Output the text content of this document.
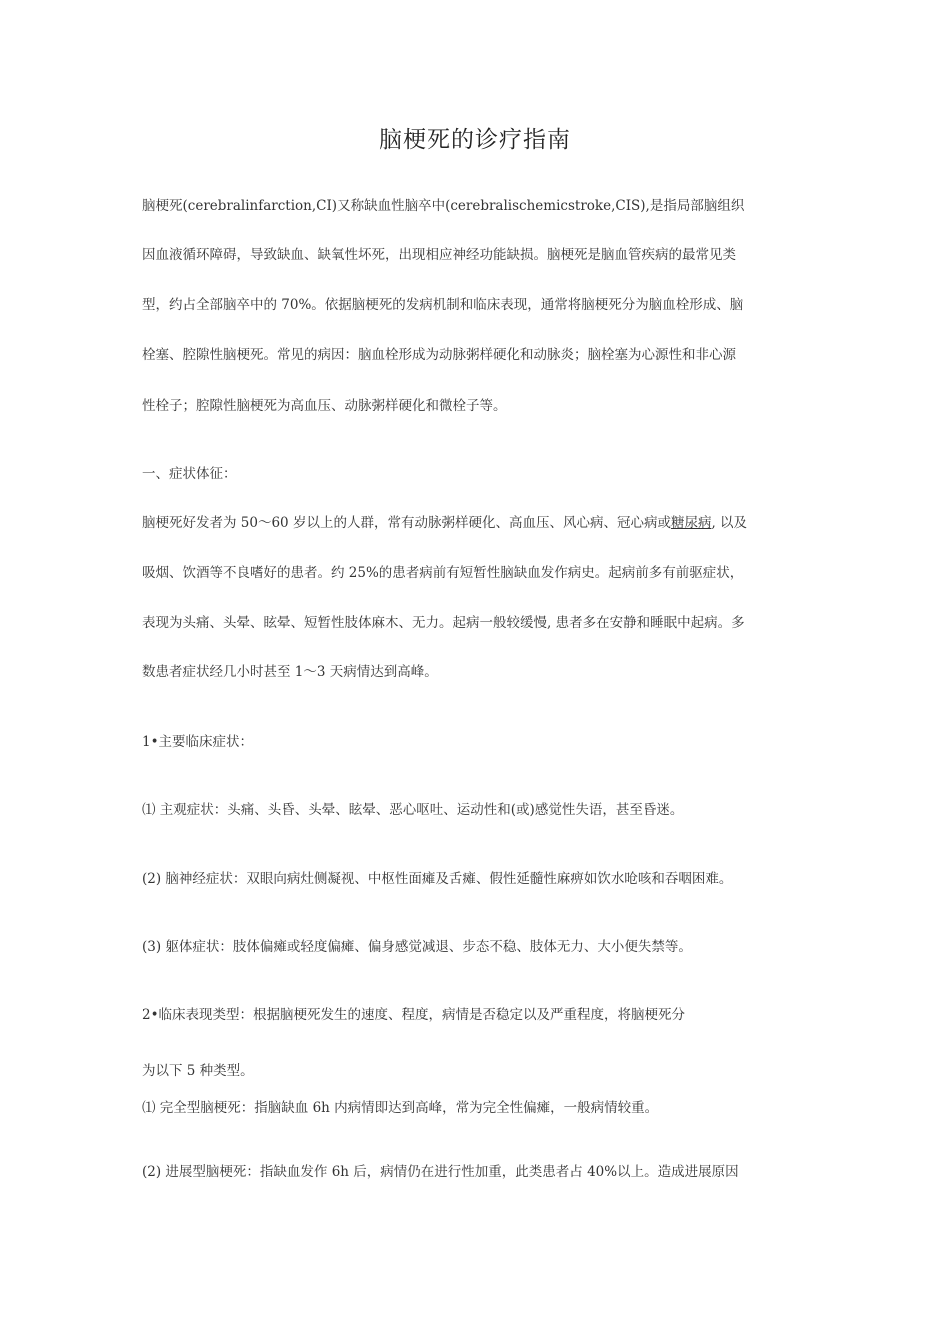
脑梗死的诊疗指南
脑梗死(cerebralinfarction,CI)又称缺血性脑卒中(cerebralischemicstroke,CIS),是指局部脑组织
因血液循环障碍，导致缺血、缺氧性坏死，出现相应神经功能缺损。脑梗死是脑血管疾病的最常见类
型，约占全部脑卒中的 70%。依据脑梗死的发病机制和临床表现，通常将脑梗死分为脑血栓形成、脑
栓塞、腔隙性脑梗死。常见的病因：脑血栓形成为动脉粥样硬化和动脉炎；脑栓塞为心源性和非心源
性栓子；腔隙性脑梗死为高血压、动脉粥样硬化和微栓子等。
一、症状体征：
脑梗死好发者为 50～60 岁以上的人群，常有动脉粥样硬化、高血压、风心病、冠心病或糖尿病, 以及
吸烟、饮酒等不良嗜好的患者。约 25%的患者病前有短暂性脑缺血发作病史。起病前多有前驱症状，
表现为头痛、头晕、眩晕、短暂性肢体麻木、无力。起病一般较缓慢, 患者多在安静和睡眠中起病。多
数患者症状经几小时甚至 1～3 天病情达到高峰。
1•主要临床症状：
⑴ 主观症状：头痛、头昏、头晕、眩晕、恶心呕吐、运动性和(或)感觉性失语，甚至昏迷。
(2) 脑神经症状：双眼向病灶侧凝视、中枢性面瘫及舌瘫、假性延髓性麻痹如饮水呛咳和吞咽困难。
(3) 躯体症状：肢体偏瘫或轻度偏瘫、偏身感觉减退、步态不稳、肢体无力、大小便失禁等。
2•临床表现类型：根据脑梗死发生的速度、程度，病情是否稳定以及严重程度，将脑梗死分
为以下 5 种类型。
⑴ 完全型脑梗死：指脑缺血 6h 内病情即达到高峰，常为完全性偏瘫，一般病情较重。
(2) 进展型脑梗死：指缺血发作 6h 后，病情仍在进行性加重，此类患者占 40%以上。造成进展原因
